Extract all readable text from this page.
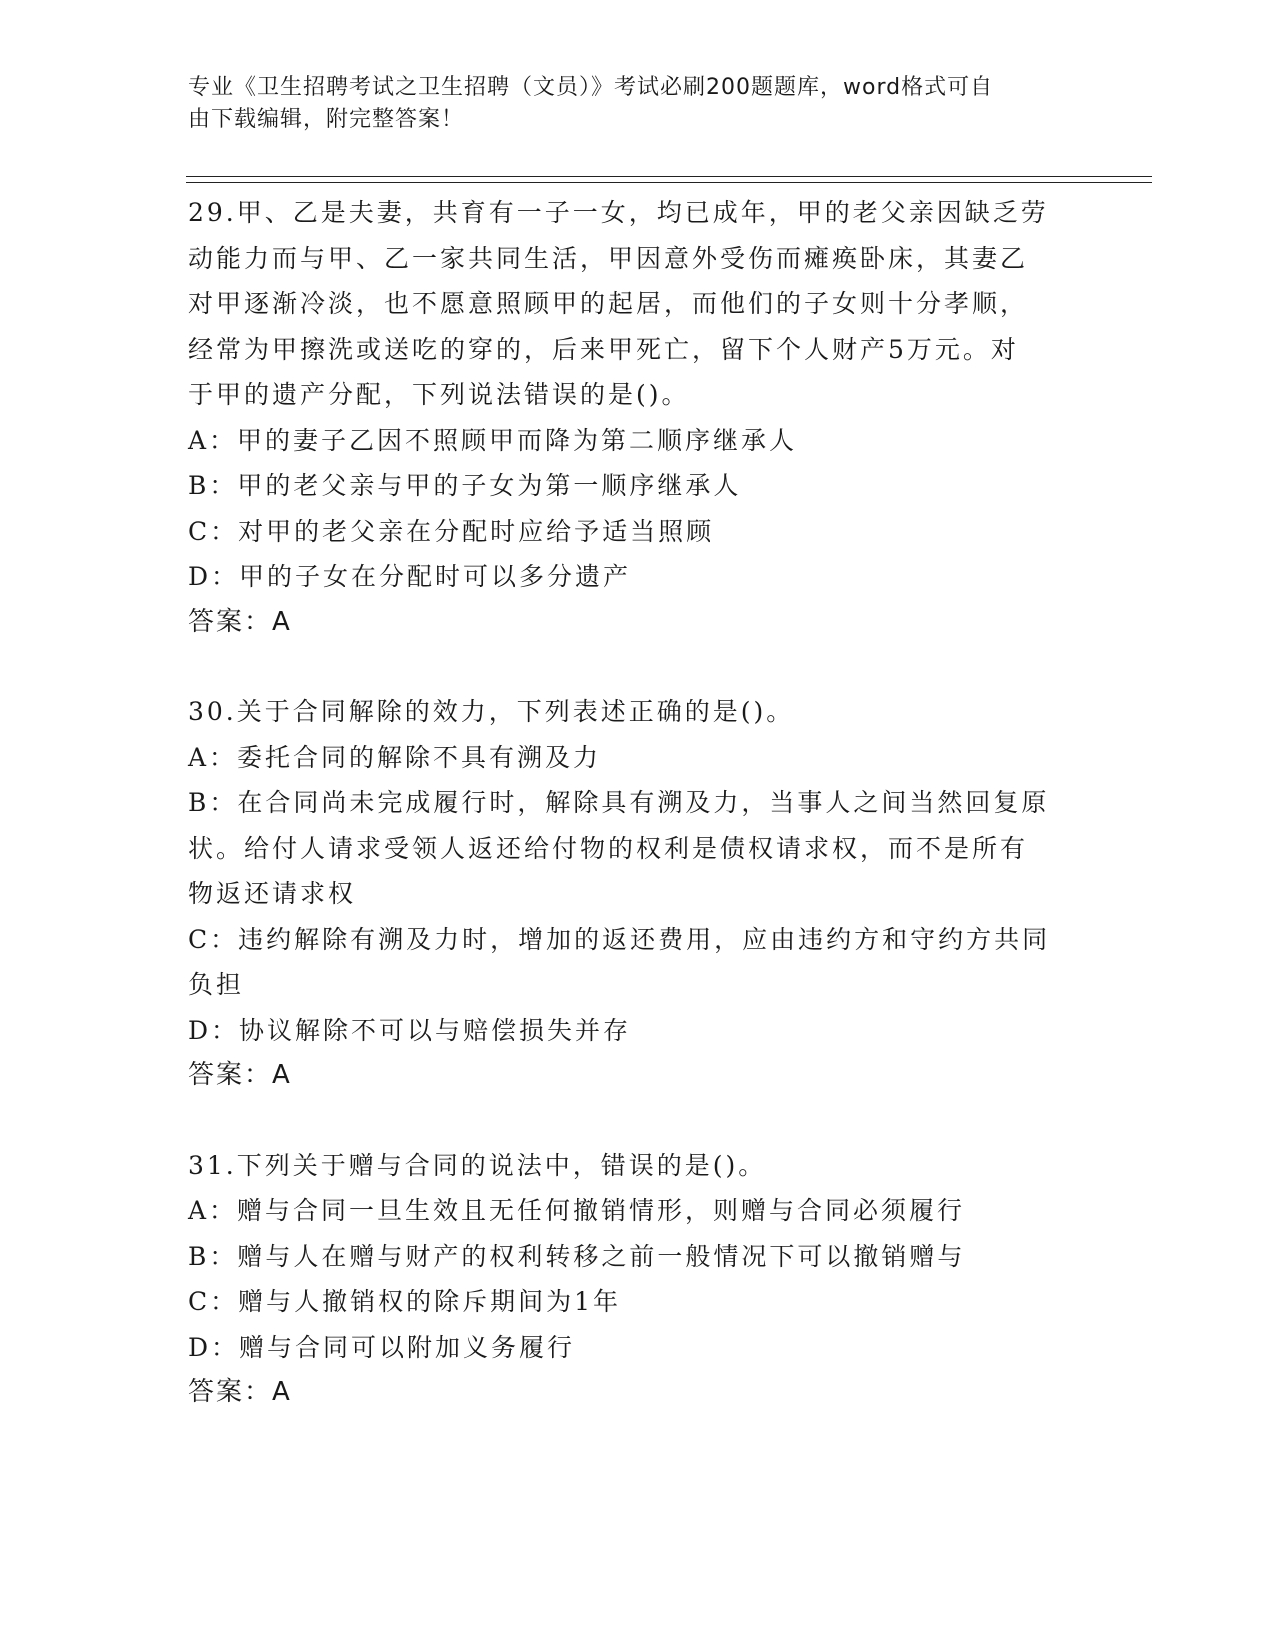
专业《卫生招聘考试之卫生招聘（文员）》考试必刷200题题库，word格式可自
由下载编辑，附完整答案！

29.甲、乙是夫妻，共育有一子一女，均已成年，甲的老父亲因缺乏劳

动能力而与甲、乙一家共同生活，甲因意外受伤而瘫痪卧床，其妻乙

对甲逐渐冷淡，也不愿意照顾甲的起居，而他们的子女则十分孝顺，

经常为甲擦洗或送吃的穿的，后来甲死亡，留下个人财产5万元。对

于甲的遗产分配，下列说法错误的是()。

A：甲的妻子乙因不照顾甲而降为第二顺序继承人

B：甲的老父亲与甲的子女为第一顺序继承人

C：对甲的老父亲在分配时应给予适当照顾

D：甲的子女在分配时可以多分遗产

答案：A

30.关于合同解除的效力，下列表述正确的是()。

A：委托合同的解除不具有溯及力

B：在合同尚未完成履行时，解除具有溯及力，当事人之间当然回复原

状。给付人请求受领人返还给付物的权利是债权请求权，而不是所有

物返还请求权

C：违约解除有溯及力时，增加的返还费用，应由违约方和守约方共同

负担

D：协议解除不可以与赔偿损失并存

答案：A

31.下列关于赠与合同的说法中，错误的是()。

A：赠与合同一旦生效且无任何撤销情形，则赠与合同必须履行

B：赠与人在赠与财产的权利转移之前一般情况下可以撤销赠与

C：赠与人撤销权的除斥期间为1年

D：赠与合同可以附加义务履行

答案：A
